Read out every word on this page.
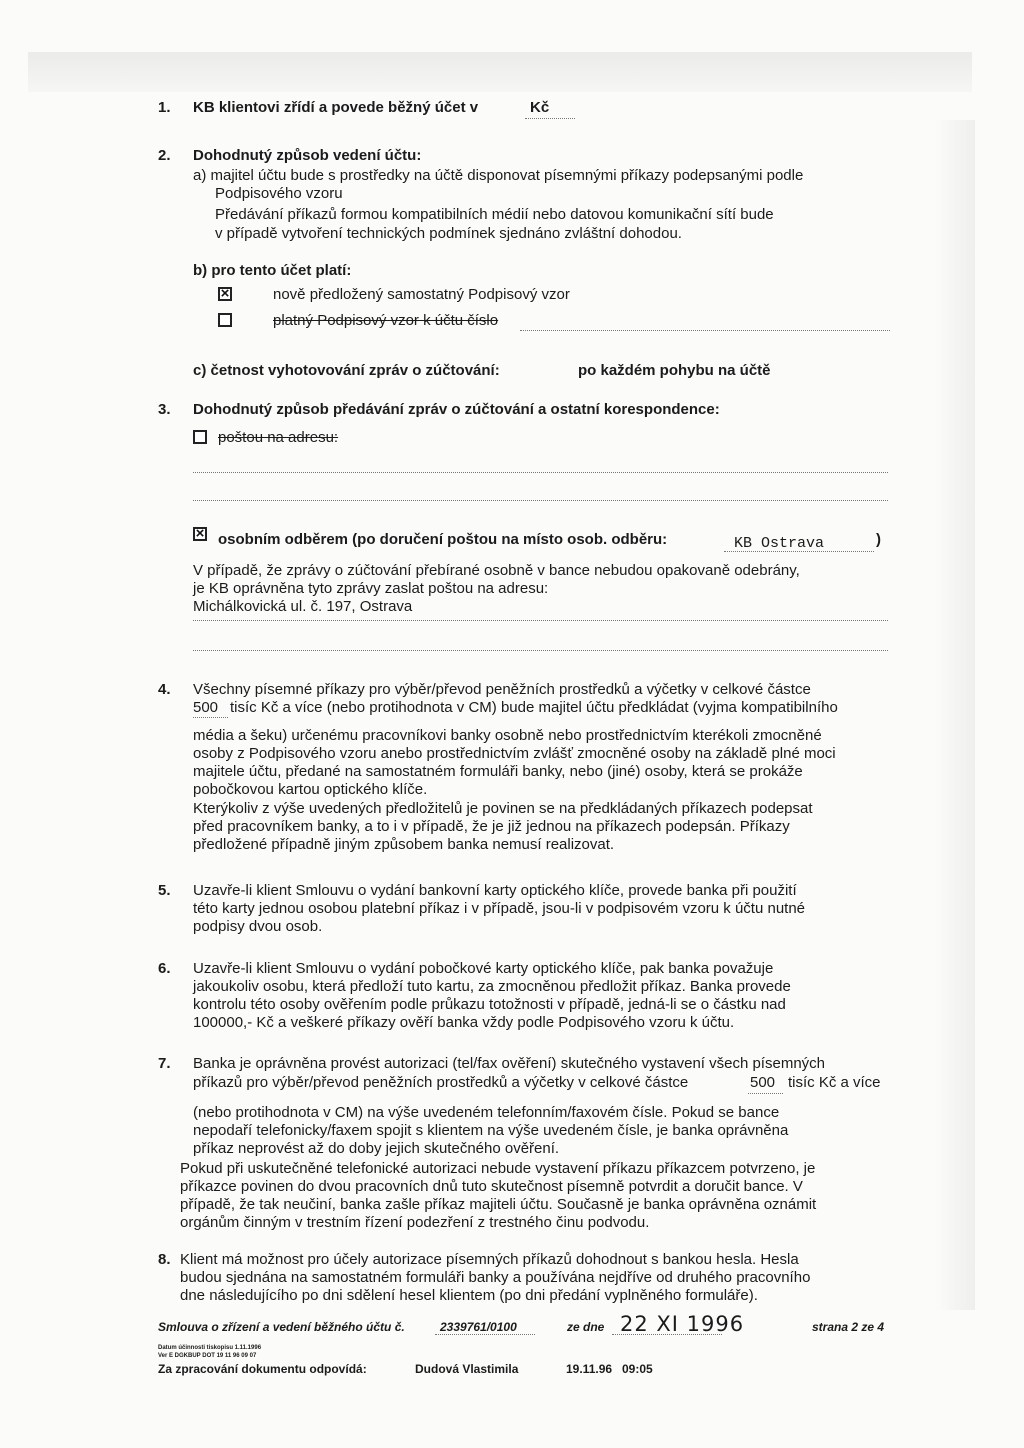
1. KB klientovi zřídí a povede běžný účet v	Kč
2. Dohodnutý způsob vedení účtu:
a) majitel účtu bude s prostředky na účtě disponovat písemnými příkazy podepsanými podle
Podpisového vzoru
Předávání příkazů formou kompatibilních médií nebo datovou komunikační sítí bude
v případě vytvoření technických podmínek sjednáno zvláštní dohodou.
b) pro tento účet platí:
×
nově předložený samostatný Podpisový vzor
platný Podpisový vzor k účtu číslo
c) četnost vyhotovování zpráv o zúčtování:	po každém pohybu na účtě
3. Dohodnutý způsob předávání zpráv o zúčtování a ostatní korespondence:
poštou na adresu:
×
osobním odběrem (po doručení poštou na místo osob. odběru:	KB Ostrava	)
V případě, že zprávy o zúčtování přebírané osobně v bance nebudou opakovaně odebrány,
je KB oprávněna tyto zprávy zaslat poštou na adresu:
Michálkovická ul. č. 197, Ostrava
4. Všechny písemné příkazy pro výběr/převod peněžních prostředků a výčetky v celkové částce
500 tisíc Kč a více (nebo protihodnota v CM) bude majitel účtu předkládat (vyjma kompatibilního
média a šeku) určenému pracovníkovi banky osobně nebo prostřednictvím kterékoli zmocněné
osoby z Podpisového vzoru anebo prostřednictvím zvlášť zmocněné osoby na základě plné moci
majitele účtu, předané na samostatném formuláři banky, nebo (jiné) osoby, která se prokáže
pobočkovou kartou optického klíče.
Kterýkoliv z výše uvedených předložitelů je povinen se na předkládaných příkazech podepsat
před pracovníkem banky, a to i v případě, že je již jednou na příkazech podepsán. Příkazy
předložené případně jiným způsobem banka nemusí realizovat.
5. Uzavře-li klient Smlouvu o vydání bankovní karty optického klíče, provede banka při použití
této karty jednou osobou platební příkaz i v případě, jsou-li v podpisovém vzoru k účtu nutné
podpisy dvou osob.
6. Uzavře-li klient Smlouvu o vydání pobočkové karty optického klíče, pak banka považuje
jakoukoliv osobu, která předloží tuto kartu, za zmocněnou předložit příkaz. Banka provede
kontrolu této osoby ověřením podle průkazu totožnosti v případě, jedná-li se o částku nad
100000,- Kč a veškeré příkazy ověří banka vždy podle Podpisového vzoru k účtu.
7. Banka je oprávněna provést autorizaci (tel/fax ověření) skutečného vystavení všech písemných
příkazů pro výběr/převod peněžních prostředků a výčetky v celkové částce	500 tisíc Kč a více
(nebo protihodnota v CM) na výše uvedeném telefonním/faxovém čísle. Pokud se bance
nepodaří telefonicky/faxem spojit s klientem na výše uvedeném čísle, je banka oprávněna
příkaz neprovést až do doby jejich skutečného ověření.
Pokud při uskutečněné telefonické autorizaci nebude vystavení příkazu příkazcem potvrzeno, je
příkazce povinen do dvou pracovních dnů tuto skutečnost písemně potvrdit a doručit bance. V
případě, že tak neučiní, banka zašle příkaz majiteli účtu. Současně je banka oprávněna oznámit
orgánům činným v trestním řízení podezření z trestného činu podvodu.
8. Klient má možnost pro účely autorizace písemných příkazů dohodnout s bankou hesla. Hesla
budou sjednána na samostatném formuláři banky a používána nejdříve od druhého pracovního
dne následujícího po dni sdělení hesel klientem (po dni předání vyplněného formuláře).
Smlouva o zřízení a vedení běžného účtu č.	2339761/0100	ze dne 22 XI 1996	strana 2 ze 4
Datum účinnosti tiskopisu 1.11.1996
Ver E DGKBUP DOT 19 11 96 09 07
Za zpracování dokumentu odpovídá:	Dudová Vlastimila	19.11.96 09:05
